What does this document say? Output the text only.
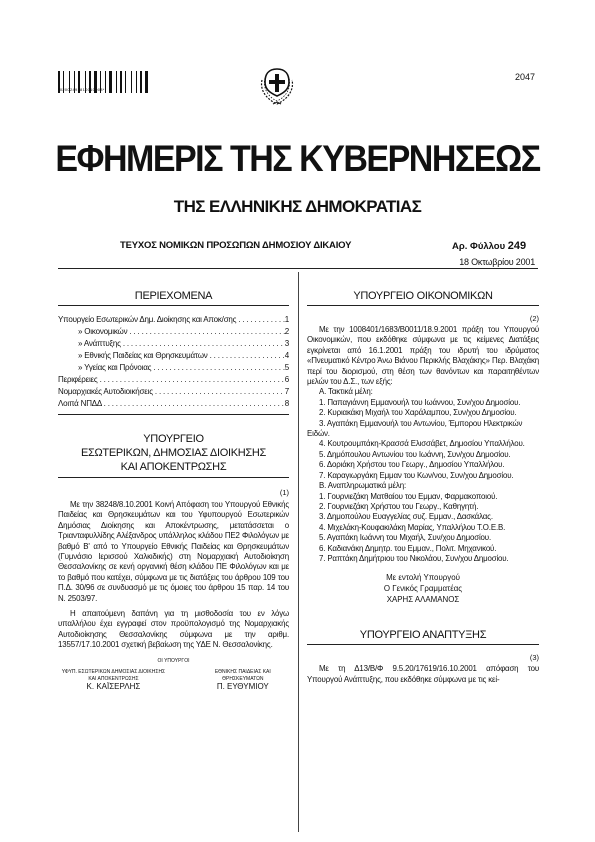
*02002491810010008*
2047
ΕΦΗΜΕΡΙΣ ΤΗΣ ΚΥΒΕΡΝΗΣΕΩΣ
ΤΗΣ ΕΛΛΗΝΙΚΗΣ ΔΗΜΟΚΡΑΤΙΑΣ
ΤΕΥΧΟΣ ΝΟΜΙΚΩΝ ΠΡΟΣΩΠΩΝ ΔΗΜΟΣΙΟΥ ΔΙΚΑΙΟΥ	Αρ. Φύλλου 249
18 Οκτωβρίου 2001
ΠΕΡΙΕΧΟΜΕΝΑ
Υπουργείο Εσωτερικών Δημ. Διοίκησης και Αποκ/σης . . .	1
» Οικονομικών . . .	2
» Ανάπτυξης . . .	3
» Εθνικής Παιδείας και Θρησκευμάτων . . .	4
» Υγείας και Πρόνοιας . . .	5
Περιφέρειες . . .	6
Νομαρχιακές Αυτοδιοικήσεις . . .	7
Λοιπά ΝΠΔΔ . . .	8
ΥΠΟΥΡΓΕΙΟ
ΕΣΩΤΕΡΙΚΩΝ, ΔΗΜΟΣΙΑΣ ΔΙΟΙΚΗΣΗΣ
ΚΑΙ ΑΠΟΚΕΝΤΡΩΣΗΣ
(1)

Με την 38248/8.10.2001 Κοινή Απόφαση του Υπουργού Εθνικής Παιδείας και Θρησκευμάτων και του Υφυπουργού Εσωτερικών Δημόσιας Διοίκησης και Αποκέντρωσης, μετατάσσεται ο Τριανταφυλλίδης Αλέξανδρος υπάλληλος κλάδου ΠΕ2 Φιλολόγων με βαθμό Β' από το Υπουργείο Εθνικής Παιδείας και Θρησκευμάτων (Γυμνάσιο Ιερισσού Χαλκιδικής) στη Νομαρχιακή Αυτοδιοίκηση Θεσσαλονίκης σε κενή οργανική θέση κλάδου ΠΕ Φιλολόγων και με το βαθμό που κατέχει, σύμφωνα με τις διατάξεις του άρθρου 109 του Π.Δ. 30/96 σε συνδυασμό με τις όμοιες του άρθρου 15 παρ. 14 του Ν. 2503/97.

Η απαιτούμενη δαπάνη για τη μισθοδοσία του εν λόγω υπαλλήλου έχει εγγραφεί στον προϋπολογισμό της Νομαρχιακής Αυτοδιοίκησης Θεσσαλονίκης σύμφωνα με την αριθμ. 13557/17.10.2001 σχετική βεβαίωση της ΥΔΕ Ν. Θεσσαλονίκης.

ΟΙ ΥΠΟΥΡΓΟΙ
ΥΦΥΠ. ΕΣΩΤΕΡΙΚΩΝ ΔΗΜΟΣΙΑΣ ΔΙΟΙΚΗΣΗΣ ΚΑΙ ΑΠΟΚΕΝΤΡΩΣΗΣ
Κ. ΚΑΪΣΕΡΛΗΣ
ΕΘΝΙΚΗΣ ΠΑΙΔΕΙΑΣ ΚΑΙ ΘΡΗΣΚΕΥΜΑΤΩΝ
Π. ΕΥΘΥΜΙΟΥ
ΥΠΟΥΡΓΕΙΟ ΟΙΚΟΝΟΜΙΚΩΝ
(2)

Με την 1008401/1683/Β0011/18.9.2001 πράξη του Υπουργού Οικονομικών, που εκδόθηκε σύμφωνα με τις κείμενες Διατάξεις εγκρίνεται από 16.1.2001 πράξη του ιδρυτή του ιδρύματος «Πνευματικό Κέντρο Άνω Βιάνου Περικλής Βλαχάκης» Περ. Βλαχάκη περί του διορισμού, στη θέση των θανόντων και παραιτηθέντων μελών του Δ.Σ., των εξής:

Α. Τακτικά μέλη:

1. Παπαγιάννη Εμμανουήλ του Ιωάννου, Συν/χου Δημοσίου.
2. Κυριακάκη Μιχαήλ του Χαράλαμπου, Συν/χου Δημοσίου.
3. Αγαπάκη Εμμανουήλ του Αντωνίου, Έμπορου Ηλεκτρικών Ειδών.
4. Κουτρουμπάκη-Κρασσά Ελισσάβετ, Δημοσίου Υπαλλήλου.
5. Δημόπουλου Αντωνίου του Ιωάννη, Συν/χου Δημοσίου.
6. Δοριάκη Χρήστου του Γεωργ., Δημοσίου Υπαλλήλου.
7. Καραγιωργάκη Εμμαν του Κων/νου, Συν/χου Δημοσίου.
Β. Αναπληρωματικά μέλη:
1. Γουρνιεζάκη Ματθαίου του Εμμαν, Φαρμακοποιού.
2. Γουρνιεζάκη Χρήστου του Γεωργ., Καθηγητή.
3. Δημοπούλου Ευαγγελίας συζ. Εμμαν., Δασκάλας.
4. Μιχελάκη-Κουφακιλάκη Μαρίας, Υπαλλήλου Τ.Ο.Ε.Β.
5. Αγαπάκη Ιωάννη του Μιχαήλ, Συν/χου Δημοσίου.
6. Καδιανάκη Δημητρ. του Εμμαν., Πολιτ. Μηχανικού.
7. Ραπτάκη Δημήτριου του Νικολάου, Συν/χου Δημοσίου.
Με εντολή Υπουργού
Ο Γενικός Γραμματέας
ΧΑΡΗΣ ΑΛΑΜΑΝΟΣ
ΥΠΟΥΡΓΕΙΟ ΑΝΑΠΤΥΞΗΣ
(3)

Με τη Δ13/Β/Φ 9.5.20/17619/16.10.2001 απόφαση του Υπουργού Ανάπτυξης, που εκδόθηκε σύμφωνα με τις κεί-
